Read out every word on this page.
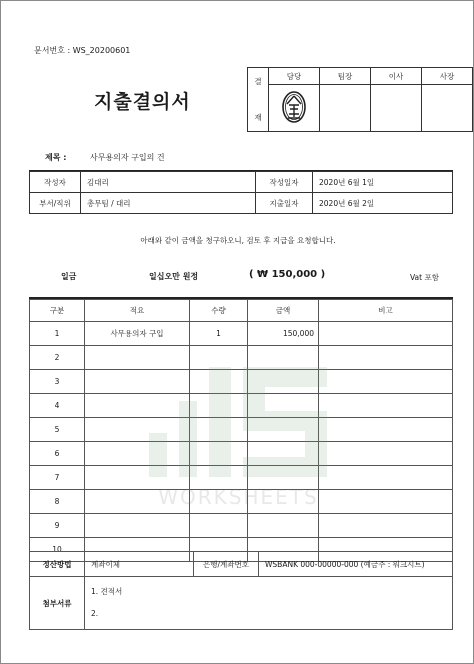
문서번호 : WS_20200601
지출결의서
결

재	담당	팀장	이사	사장

제목 :	사무용의자 구입의 건
작성자	김대리	작성일자	2020년 6월 1일
부서/직위	총무팀 / 대리	지출일자	2020년 6월 2일
아래와 같이 금액을 청구하오니, 검토 후 지급을 요청합니다.
일금	일십오만 원정	( ₩ 150,000 )	Vat 포함
구분	적요	수량	금액	비고
1	사무용의자 구입	1	150,000	
2				
3				
4				
5				
6				
7				
8				
9				
10				
WORKSHEETS
정산방법	계좌이체	은행/계좌번호	WSBANK 000-00000-000 (예금주 : 워크시트)
첨부서류	1. 견적서
2.		
